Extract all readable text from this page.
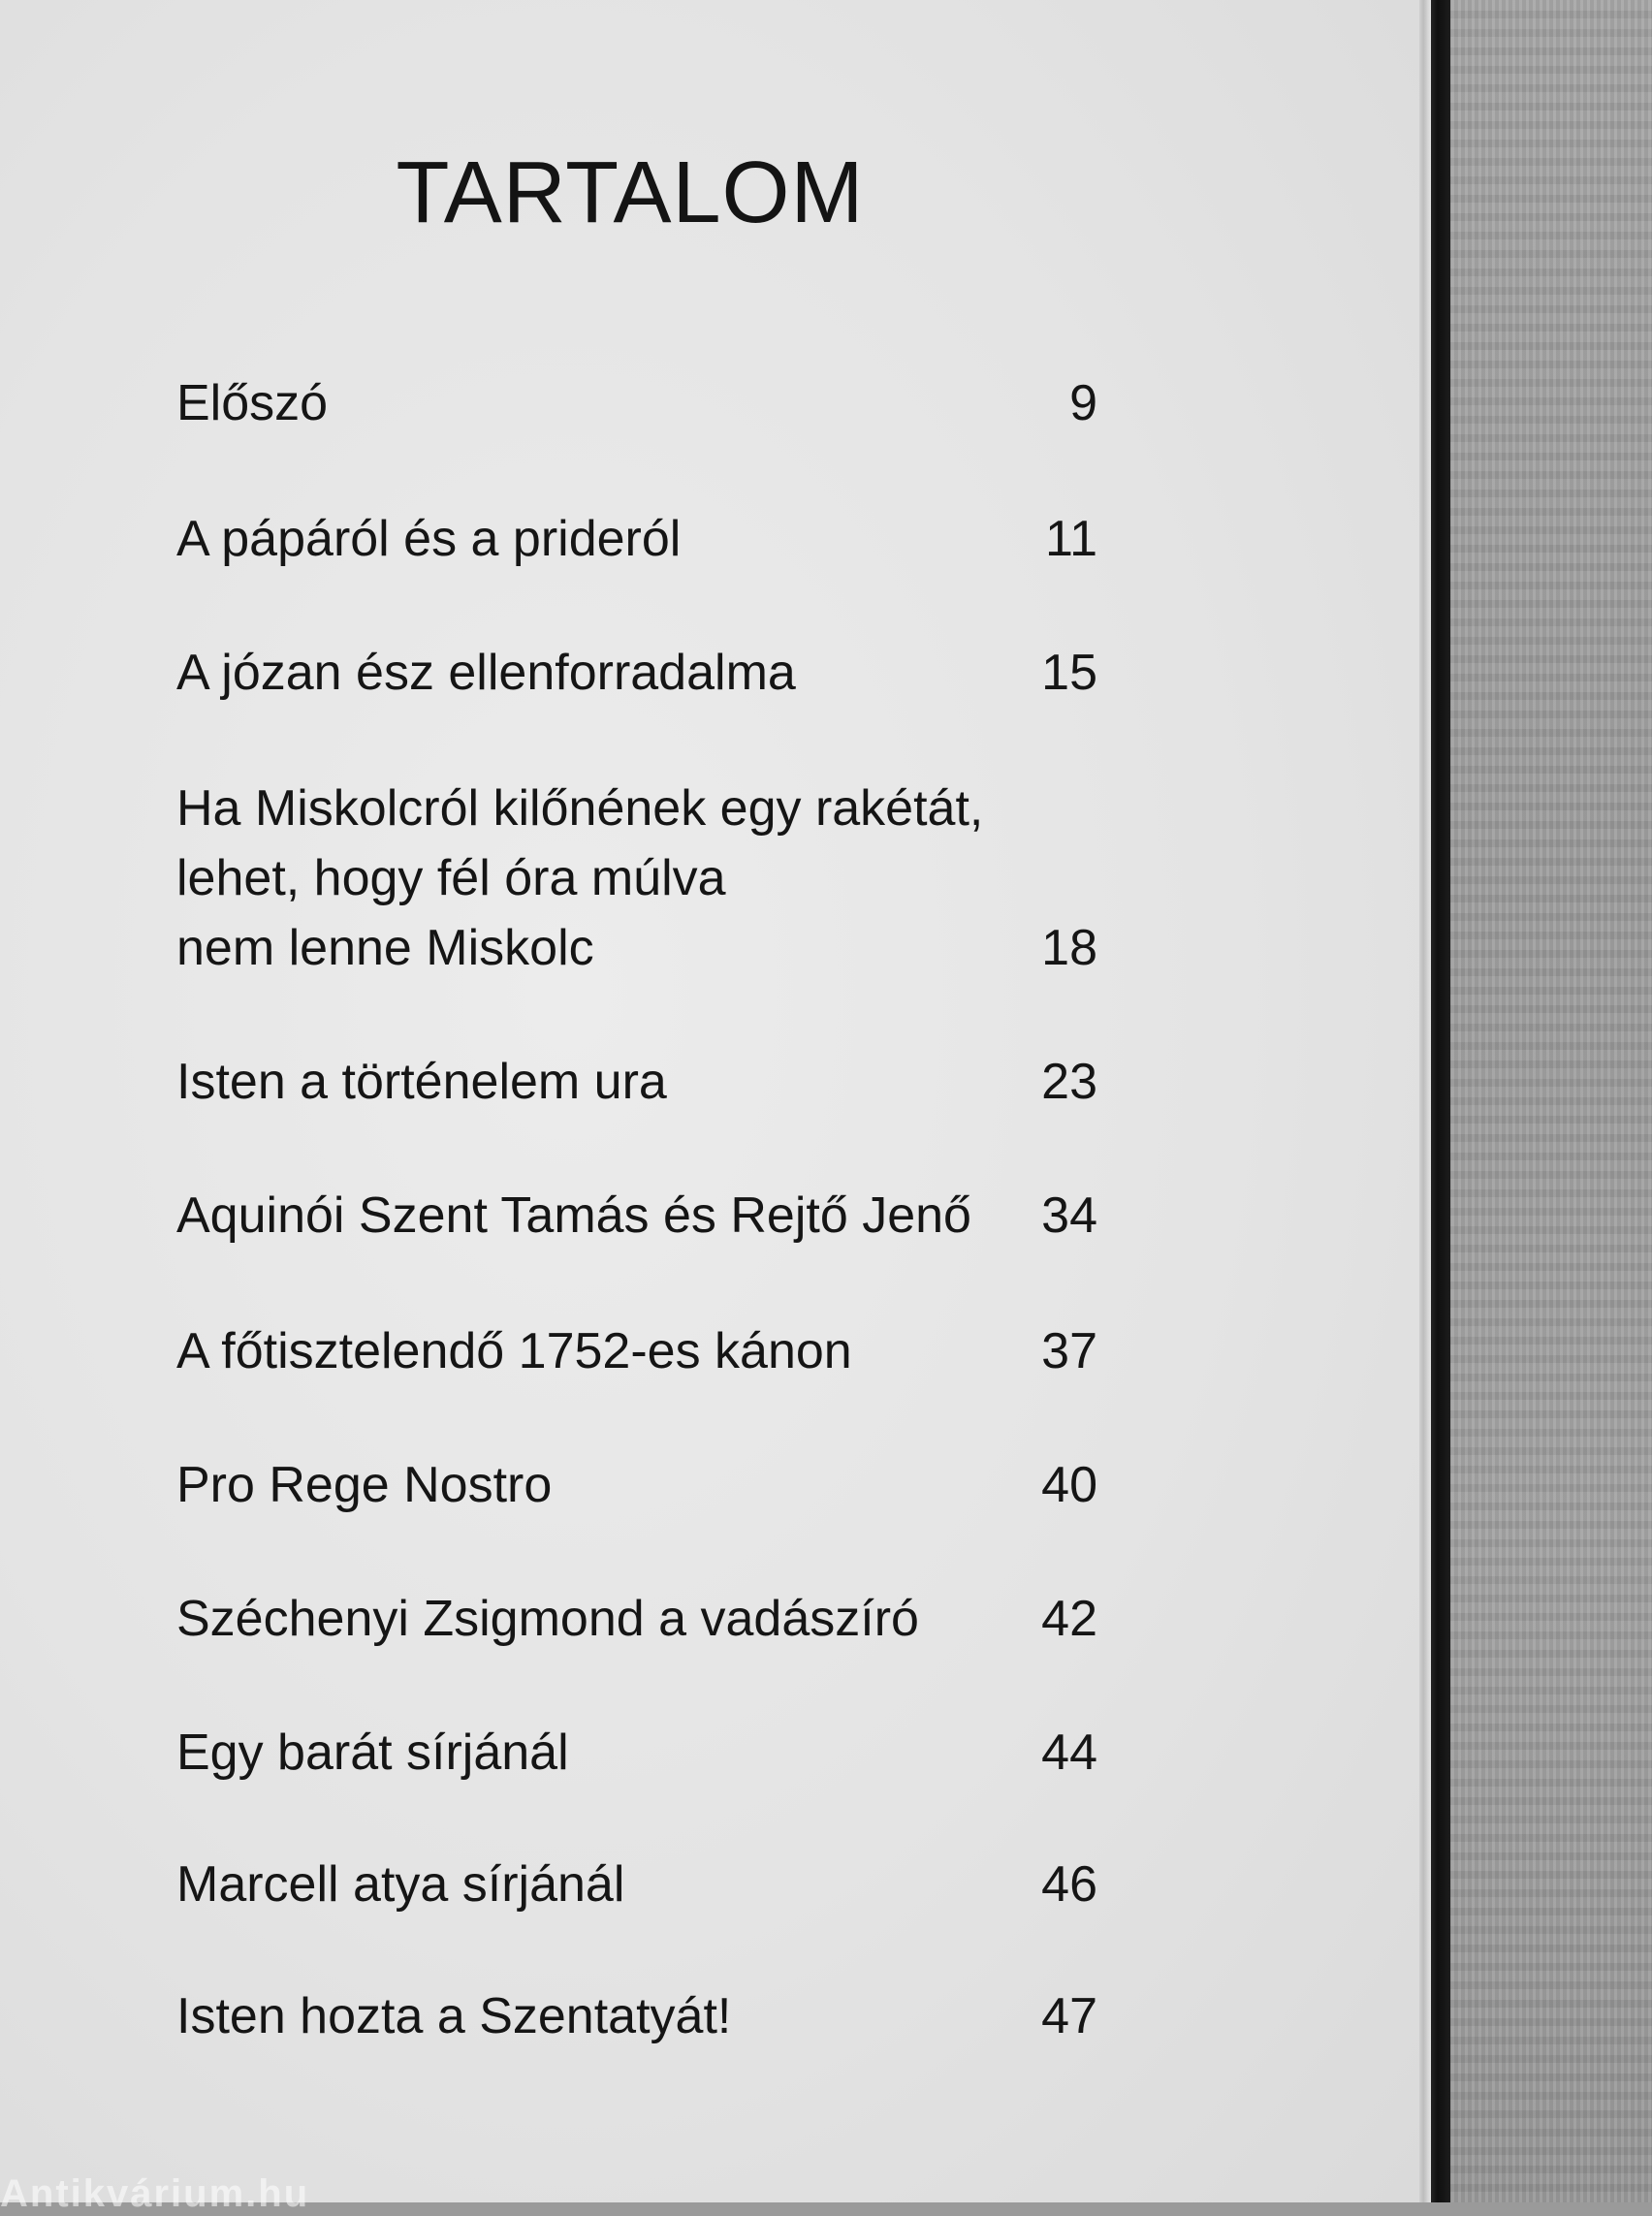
TARTALOM
Előszó	9
A pápáról és a prideról	11
A józan ész ellenforradalma	15
Ha Miskolcról kilőnének egy rakétát,
lehet, hogy fél óra múlva
nem lenne Miskolc	18
Isten a történelem ura	23
Aquinói Szent Tamás és Rejtő Jenő	34
A főtisztelendő 1752-es kánon	37
Pro Rege Nostro	40
Széchenyi Zsigmond a vadászíró	42
Egy barát sírjánál	44
Marcell atya sírjánál	46
Isten hozta a Szentatyát!	47
Antikvárium.hu
